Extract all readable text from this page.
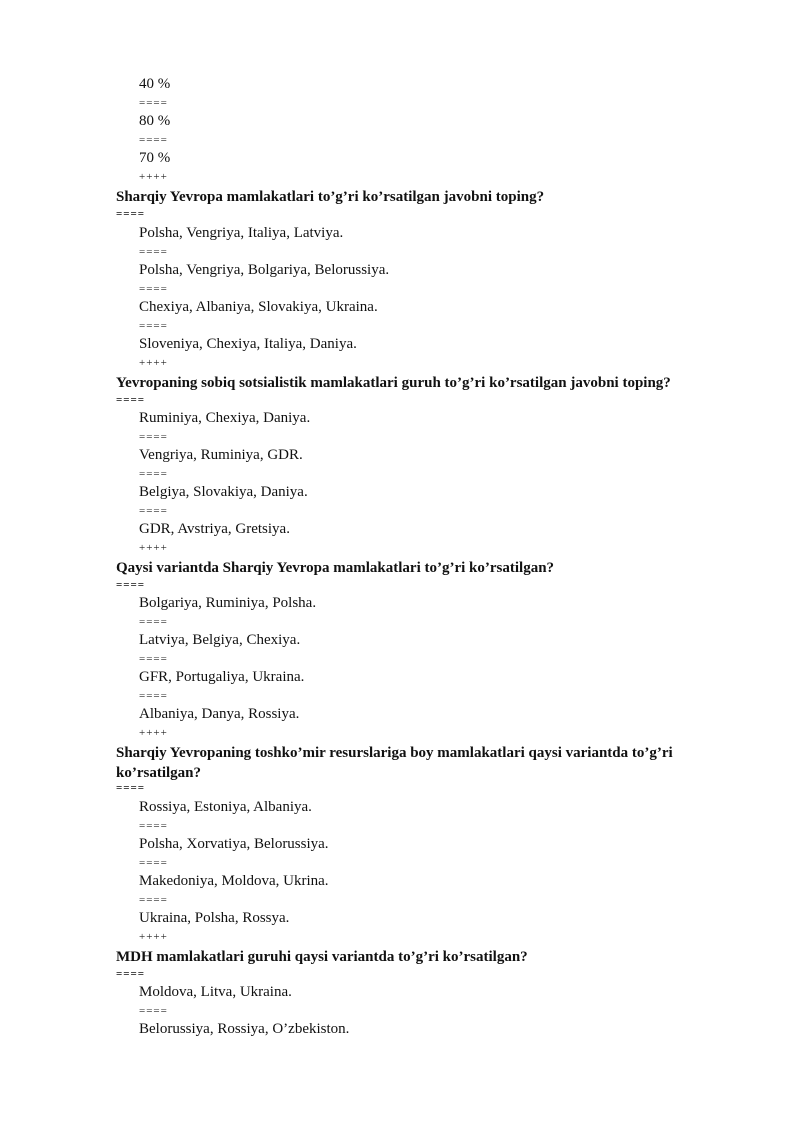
40 %
====
80 %
====
70 %
++++
Sharqiy Yevropa mamlakatlari to’g’ri ko’rsatilgan javobni toping?
====
Polsha, Vengriya, Italiya, Latviya.
====
Polsha, Vengriya, Bolgariya, Belorussiya.
====
Chexiya, Albaniya, Slovakiya, Ukraina.
====
Sloveniya, Chexiya, Italiya, Daniya.
++++
Yevropaning sobiq sotsialistik mamlakatlari guruh to’g’ri ko’rsatilgan javobni toping?
====
Ruminiya, Chexiya, Daniya.
====
Vengriya, Ruminiya, GDR.
====
Belgiya, Slovakiya, Daniya.
====
GDR, Avstriya, Gretsiya.
++++
Qaysi variantda Sharqiy Yevropa mamlakatlari to’g’ri ko’rsatilgan?
====
Bolgariya, Ruminiya, Polsha.
====
Latviya, Belgiya, Chexiya.
====
GFR, Portugaliya, Ukraina.
====
Albaniya, Danya, Rossiya.
++++
Sharqiy Yevropaning toshko’mir resurslariga boy mamlakatlari qaysi variantda to’g’ri ko’rsatilgan?
====
Rossiya, Estoniya, Albaniya.
====
Polsha, Xorvatiya, Belorussiya.
====
Makedoniya, Moldova, Ukrina.
====
Ukraina, Polsha, Rossya.
++++
MDH mamlakatlari guruhi qaysi variantda to’g’ri ko’rsatilgan?
====
Moldova, Litva, Ukraina.
====
Belorussiya, Rossiya, O’zbekiston.
